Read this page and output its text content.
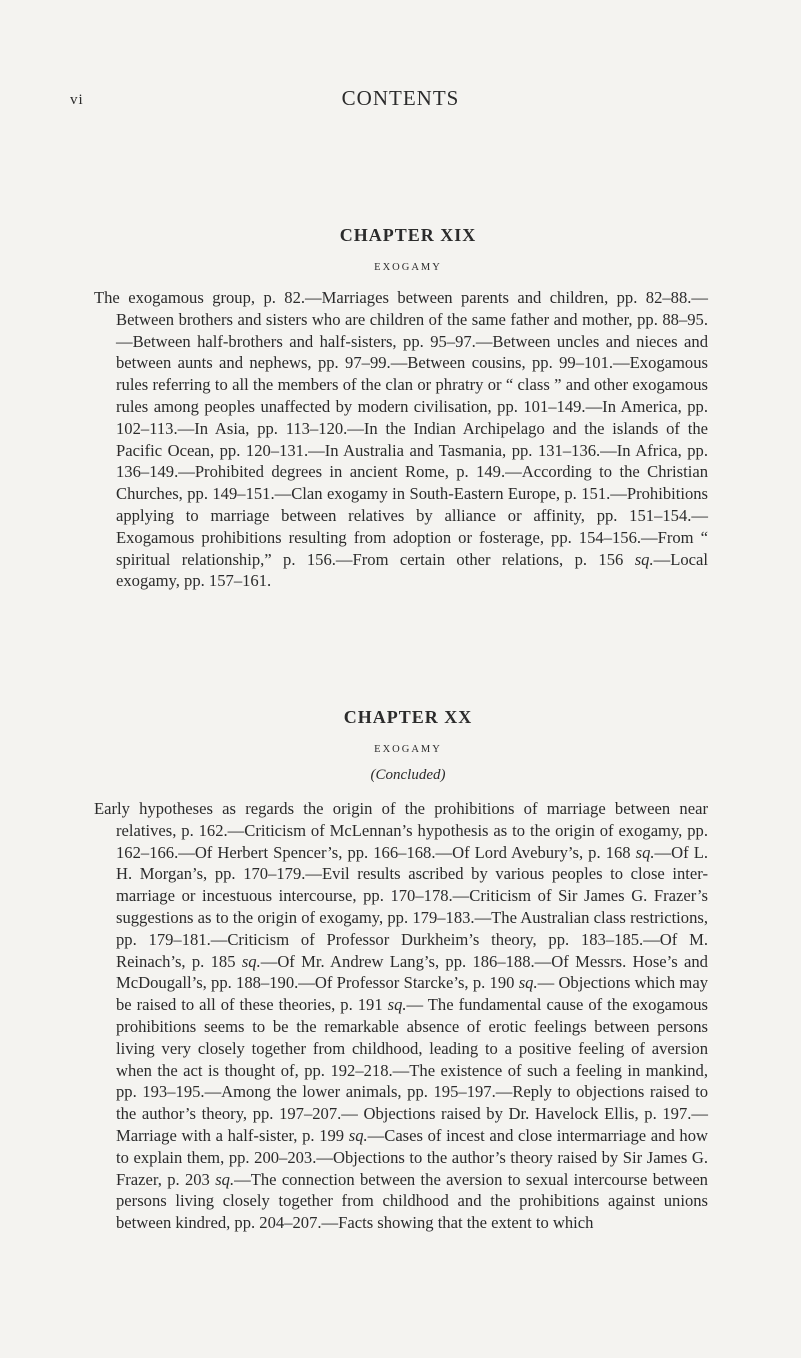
vi	CONTENTS
CHAPTER XIX
EXOGAMY

The exogamous group, p. 82.—Marriages between parents and children, pp. 82–88.—Between brothers and sisters who are children of the same father and mother, pp. 88–95.—Between half-brothers and half-sisters, pp. 95–97.—Between uncles and nieces and between aunts and nephews, pp. 97–99.—Between cousins, pp. 99–101.—Exogamous rules referring to all the members of the clan or phratry or “ class ” and other exogamous rules among peoples unaffected by modern civilisation, pp. 101–149.—In America, pp. 102–113.—In Asia, pp. 113–120.—In the Indian Archipelago and the islands of the Pacific Ocean, pp. 120–131.—In Australia and Tasmania, pp. 131–136.—In Africa, pp. 136–149.—Prohibited degrees in ancient Rome, p. 149.—According to the Christian Churches, pp. 149–151.—Clan exogamy in South-Eastern Europe, p. 151.—Prohibitions applying to marriage between relatives by alliance or affinity, pp. 151–154.—Exogamous prohibitions resulting from adoption or fosterage, pp. 154–156.—From “ spiritual relationship,” p. 156.—From certain other relations, p. 156 sq.—Local exogamy, pp. 157–161.

CHAPTER XX
EXOGAMY
(Concluded)

Early hypotheses as regards the origin of the prohibitions of marriage between near relatives, p. 162.—Criticism of McLennan’s hypothesis as to the origin of exogamy, pp. 162–166.—Of Herbert Spencer’s, pp. 166–168.—Of Lord Avebury’s, p. 168 sq.—Of L. H. Morgan’s, pp. 170–179.—Evil results ascribed by various peoples to close inter-marriage or incestuous intercourse, pp. 170–178.—Criticism of Sir James G. Frazer’s suggestions as to the origin of exogamy, pp. 179–183.—The Australian class restrictions, pp. 179–181.—Criticism of Professor Durkheim’s theory, pp. 183–185.—Of M. Reinach’s, p. 185 sq.—Of Mr. Andrew Lang’s, pp. 186–188.—Of Messrs. Hose’s and McDougall’s, pp. 188–190.—Of Professor Starcke’s, p. 190 sq.— Objections which may be raised to all of these theories, p. 191 sq.— The fundamental cause of the exogamous prohibitions seems to be the remarkable absence of erotic feelings between persons living very closely together from childhood, leading to a positive feeling of aversion when the act is thought of, pp. 192–218.—The existence of such a feeling in mankind, pp. 193–195.—Among the lower animals, pp. 195–197.—Reply to objections raised to the author’s theory, pp. 197–207.— Objections raised by Dr. Havelock Ellis, p. 197.—Marriage with a half-sister, p. 199 sq.—Cases of incest and close intermarriage and how to explain them, pp. 200–203.—Objections to the author’s theory raised by Sir James G. Frazer, p. 203 sq.—The connection between the aversion to sexual intercourse between persons living closely together from childhood and the prohibitions against unions between kindred, pp. 204–207.—Facts showing that the extent to which
